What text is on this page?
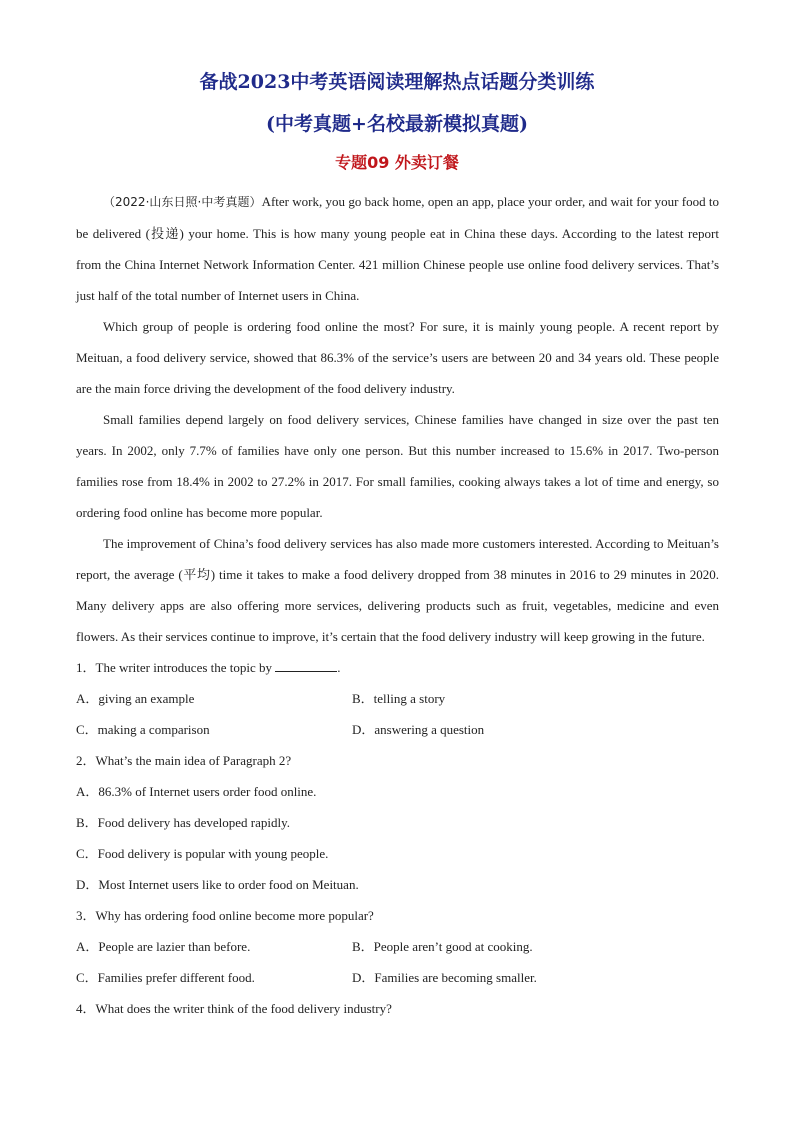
备战2023中考英语阅读理解热点话题分类训练
(中考真题+名校最新模拟真题)
专题09 外卖订餐

（2022·山东日照·中考真题）After work, you go back home, open an app, place your order, and wait for your food to be delivered (投递) your home. This is how many young people eat in China these days. According to the latest report from the China Internet Network Information Center. 421 million Chinese people use online food delivery services. That’s just half of the total number of Internet users in China.

Which group of people is ordering food online the most? For sure, it is mainly young people. A recent report by Meituan, a food delivery service, showed that 86.3% of the service’s users are between 20 and 34 years old. These people are the main force driving the development of the food delivery industry.

Small families depend largely on food delivery services, Chinese families have changed in size over the past ten years. In 2002, only 7.7% of families have only one person. But this number increased to 15.6% in 2017. Two-person families rose from 18.4% in 2002 to 27.2% in 2017. For small families, cooking always takes a lot of time and energy, so ordering food online has become more popular.

The improvement of China’s food delivery services has also made more customers interested. According to Meituan’s report, the average (平均) time it takes to make a food delivery dropped from 38 minutes in 2016 to 29 minutes in 2020. Many delivery apps are also offering more services, delivering products such as fruit, vegetables, medicine and even flowers. As their services continue to improve, it’s certain that the food delivery industry will keep growing in the future.

1．The writer introduces the topic by	.

A．giving an example	B．telling a story

C．making a comparison	D．answering a question

2．What’s the main idea of Paragraph 2?

A．86.3% of Internet users order food online.

B．Food delivery has developed rapidly.

C．Food delivery is popular with young people.

D．Most Internet users like to order food on Meituan.

3．Why has ordering food online become more popular?

A．People are lazier than before.	B．People aren’t good at cooking.

C．Families prefer different food.	D．Families are becoming smaller.

4．What does the writer think of the food delivery industry?
